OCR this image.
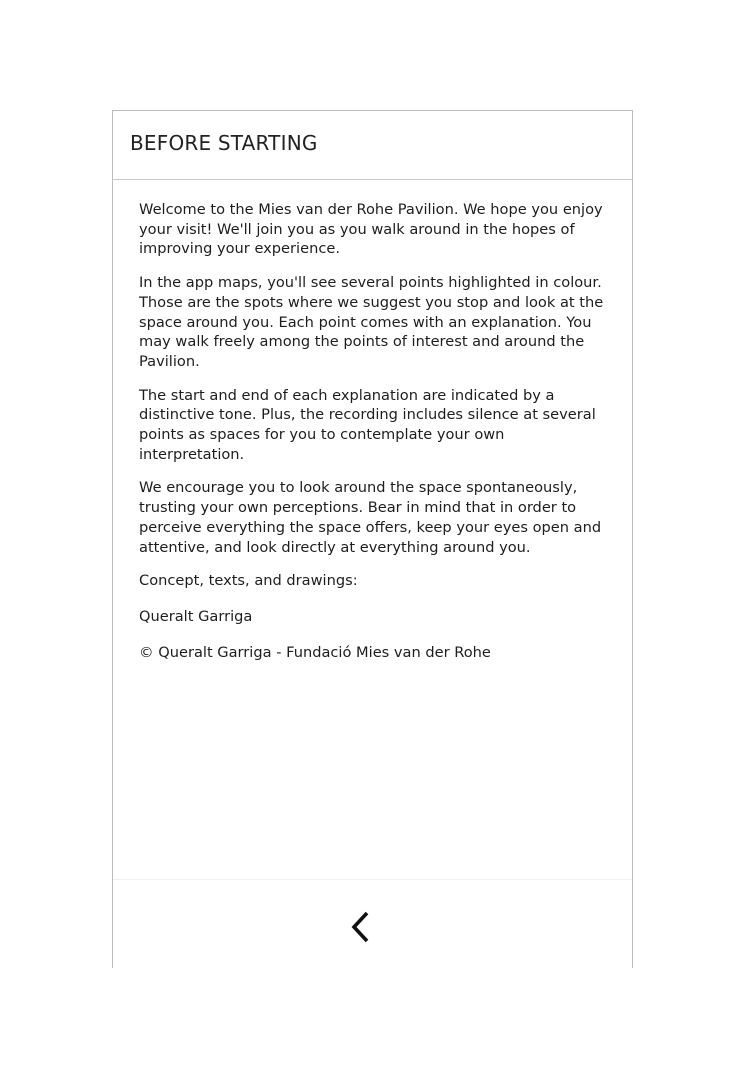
BEFORE STARTING

Welcome to the Mies van der Rohe Pavilion. We hope you enjoy your visit! We'll join you as you walk around in the hopes of improving your experience.

In the app maps, you'll see several points highlighted in colour. Those are the spots where we suggest you stop and look at the space around you. Each point comes with an explanation. You may walk freely among the points of interest and around the Pavilion.

The start and end of each explanation are indicated by a distinctive tone. Plus, the recording includes silence at several points as spaces for you to contemplate your own interpretation.

We encourage you to look around the space spontaneously, trusting your own perceptions. Bear in mind that in order to perceive everything the space offers, keep your eyes open and attentive, and look directly at everything around you.

Concept, texts, and drawings:

Queralt Garriga

© Queralt Garriga - Fundació Mies van der Rohe
